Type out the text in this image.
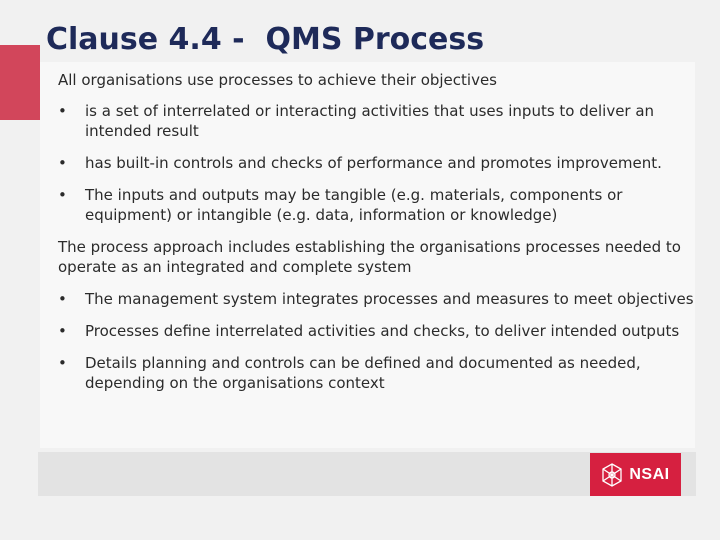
Clause 4.4 -  QMS Process

All organisations use processes to achieve their objectives

•	is a set of interrelated or interacting activities that uses inputs to deliver an intended result
•	has built-in controls and checks of performance and promotes improvement.
•	The inputs and outputs may be tangible (e.g. materials, components or equipment) or intangible (e.g. data, information or knowledge)

The process approach includes establishing the organisations processes needed to operate as an integrated and complete system

•	The management system integrates processes and measures to meet objectives
•	Processes define interrelated activities and checks, to deliver intended outputs
•	Details planning and controls can be defined and documented as needed, depending on the organisations context
NSAI
